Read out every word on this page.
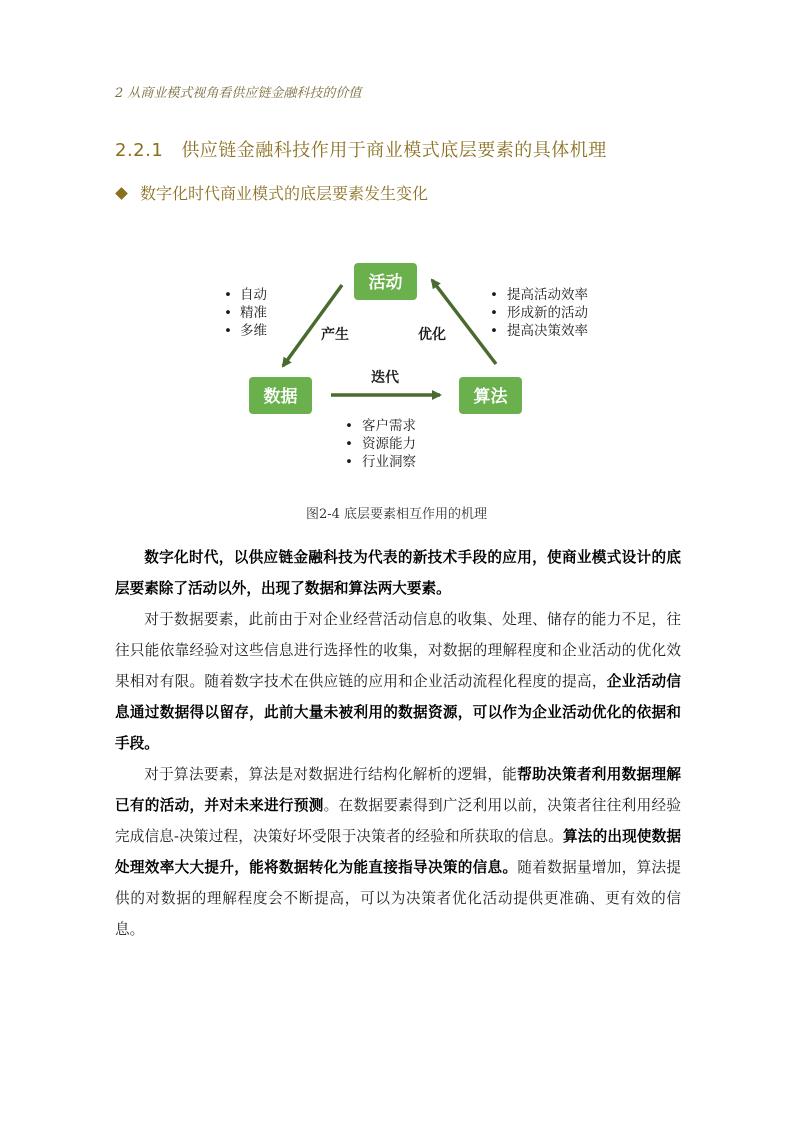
2 从商业模式视角看供应链金融科技的价值
2.2.1 供应链金融科技作用于商业模式底层要素的具体机理
数字化时代商业模式的底层要素发生变化
活动
数据	算法
产生	优化
迭代
• 自动
• 精准
• 多维
• 提高活动效率
• 形成新的活动
• 提高决策效率
• 客户需求
• 资源能力
• 行业洞察
图2-4 底层要素相互作用的机理

数字化时代，以供应链金融科技为代表的新技术手段的应用，使商业模式设计的底层要素除了活动以外，出现了数据和算法两大要素。

对于数据要素，此前由于对企业经营活动信息的收集、处理、储存的能力不足，往往只能依靠经验对这些信息进行选择性的收集，对数据的理解程度和企业活动的优化效果相对有限。随着数字技术在供应链的应用和企业活动流程化程度的提高，企业活动信息通过数据得以留存，此前大量未被利用的数据资源，可以作为企业活动优化的依据和手段。

对于算法要素，算法是对数据进行结构化解析的逻辑，能帮助决策者利用数据理解已有的活动，并对未来进行预测。在数据要素得到广泛利用以前，决策者往往利用经验完成信息-决策过程，决策好坏受限于决策者的经验和所获取的信息。算法的出现使数据处理效率大大提升，能将数据转化为能直接指导决策的信息。随着数据量增加，算法提供的对数据的理解程度会不断提高，可以为决策者优化活动提供更准确、更有效的信息。
